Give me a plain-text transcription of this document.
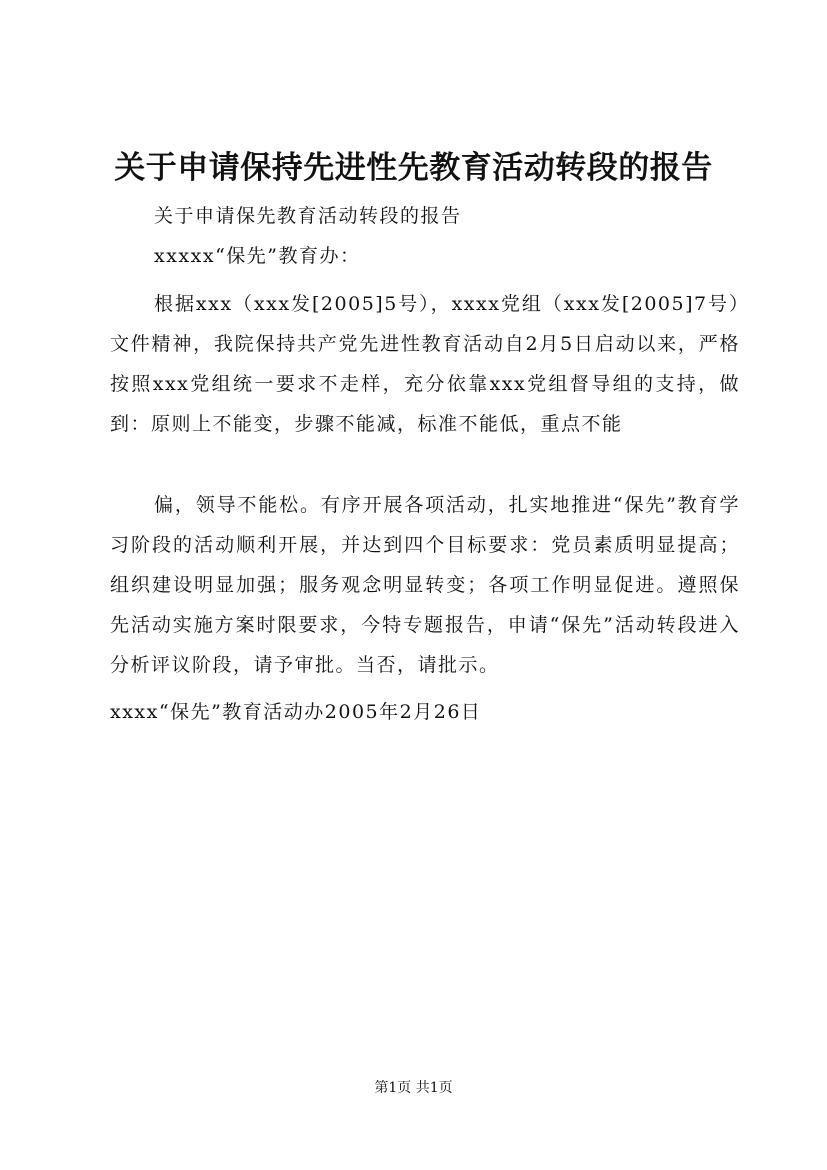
关于申请保持先进性先教育活动转段的报告

关于申请保先教育活动转段的报告

xxxxx“保先”教育办：

根据xxx（xxx发[2005]5号），xxxx党组（xxx发[2005]7号）文件精神，我院保持共产党先进性教育活动自2月5日启动以来，严格按照xxx党组统一要求不走样，充分依靠xxx党组督导组的支持，做到：原则上不能变，步骤不能减，标准不能低，重点不能

偏，领导不能松。有序开展各项活动，扎实地推进“保先”教育学习阶段的活动顺利开展，并达到四个目标要求：党员素质明显提高；组织建设明显加强；服务观念明显转变；各项工作明显促进。遵照保先活动实施方案时限要求，今特专题报告，申请“保先”活动转段进入分析评议阶段，请予审批。当否，请批示。

xxxx“保先”教育活动办2005年2月26日

第1页 共1页
